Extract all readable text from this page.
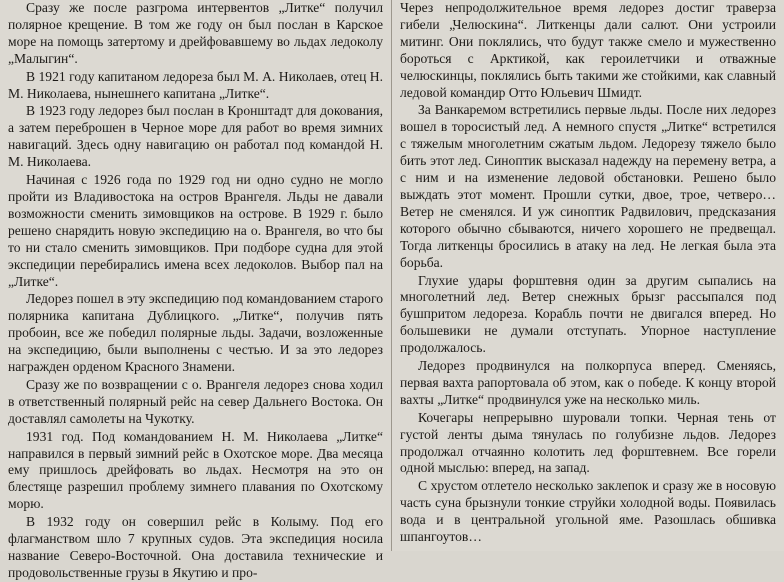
Сразу же после разгрома интервентов „Литке“ получил полярное крещение. В том же году он был послан в Карское море на помощь затертому и дрейфовавшему во льдах ледоколу „Малыгин“.

В 1921 году капитаном ледореза был М. А. Николаев, отец Н. М. Николаева, нынешнего капитана „Литке“.

В 1923 году ледорез был послан в Кронштадт для докования, а затем переброшен в Черное море для работ во время зимних навигаций. Здесь одну навигацию он работал под командой Н. М. Николаева.

Начиная с 1926 года по 1929 год ни одно судно не могло пройти из Владивостока на остров Врангеля. Льды не давали возможности сменить зимовщиков на острове. В 1929 г. было решено снарядить новую экспедицию на о. Врангеля, во что бы то ни стало сменить зимовщиков. При подборе судна для этой экспедиции перебирались имена всех ледоколов. Выбор пал на „Литке“.

Ледорез пошел в эту экспедицию под командованием старого полярника капитана Дублицкого. „Литке“, получив пять пробоин, все же победил полярные льды. Задачи, возложенные на экспедицию, были выполнены с честью. И за это ледорез награжден орденом Красного Знамени.

Сразу же по возвращении с о. Врангеля ледорез снова ходил в ответственный полярный рейс на север Дальнего Востока. Он доставлял самолеты на Чукотку.

1931 год. Под командованием Н. М. Николаева „Литке“ направился в первый зимний рейс в Охотское море. Два месяца ему пришлось дрейфовать во льдах. Несмотря на это он блестяще разрешил проблему зимнего плавания по Охотскому морю.

В 1932 году он совершил рейс в Колыму. Под его флагманством шло 7 крупных судов. Эта экспедиция носила название Северо-Восточной. Она доставила технические и продовольственные грузы в Якутию и про-

Через непродолжительное время ледорез достиг траверза гибели „Челюскина“. Литкенцы дали салют. Они устроили митинг. Они поклялись, что будут также смело и мужественно бороться с Арктикой, как героилетчики и отважные челюскинцы, поклялись быть такими же стойкими, как славный ледовой командир Отто Юльевич Шмидт.

За Ванкаремом встретились первые льды. После них ледорез вошел в торосистый лед. А немного спустя „Литке“ встретился с тяжелым многолетним сжатым льдом. Ледорезу тяжело было бить этот лед. Синоптик высказал надежду на перемену ветра, а с ним и на изменение ледовой обстановки. Решено было выждать этот момент. Прошли сутки, двое, трое, четверо… Ветер не сменялся. И уж синоптик Радвилович, предсказания которого обычно сбываются, ничего хорошего не предвещал. Тогда литкенцы бросились в атаку на лед. Не легкая была эта борьба.

Глухие удары форштевня один за другим сыпались на многолетний лед. Ветер снежных брызг рассыпался под бушпритом ледореза. Корабль почти не двигался вперед. Но большевики не думали отступать. Упорное наступление продолжалось.

Ледорез продвинулся на полкорпуса вперед. Сменяясь, первая вахта рапортовала об этом, как о победе. К концу второй вахты „Литке“ продвинулся уже на несколько миль.

Кочегары непрерывно шуровали топки. Черная тень от густой ленты дыма тянулась по голубизне льдов. Ледорез продолжал отчаянно колотить лед форштевнем. Все горели одной мыслью: вперед, на запад.

С хрустом отлетело несколько заклепок и сразу же в носовую часть суна брызнули тонкие струйки холодной воды. Появилась вода и в центральной угольной яме. Разошлась обшивка шпангоутов…
